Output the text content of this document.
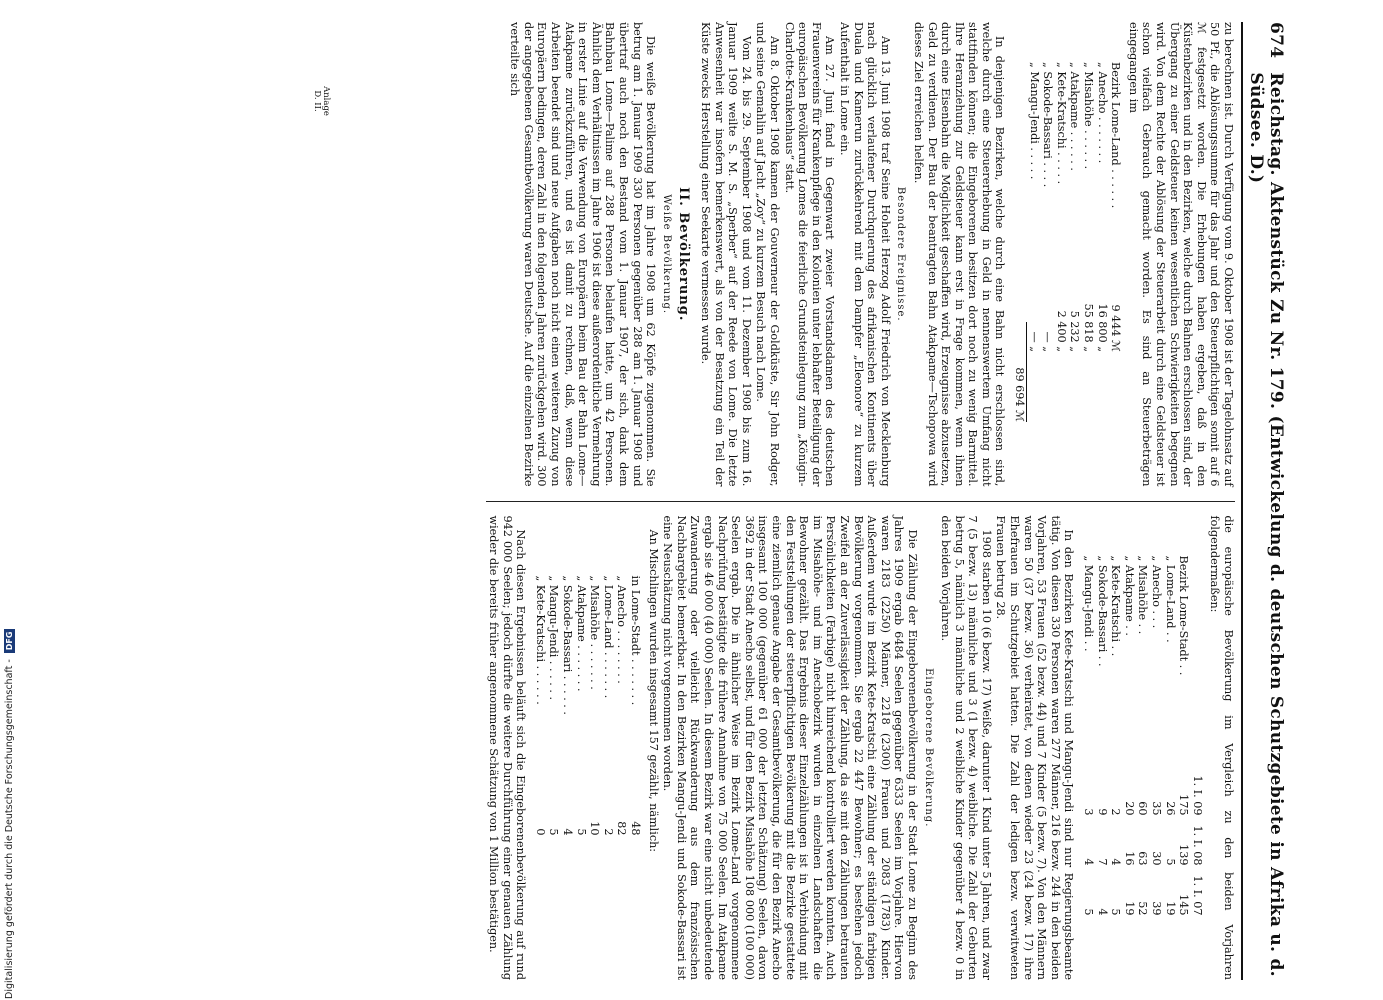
674
Reichstag. Aktenstück Zu Nr. 179. (Entwickelung d. deutschen Schutzgebiete in Afrika u. d. Südsee. D.)

zu berechnen ist. Durch Verfügung vom 9. Oktober 1908 ist der Tagelohnsatz auf 50 Pf., die Ablösungssumme für das Jahr und den Steuerpflichtigen somit auf 6 ℳ festgesetzt worden. Die Erhebungen haben ergeben, daß in den Küstenbezirken und in den Bezirken, welche durch Bahnen erschlossen sind, der Übergang zu einer Geldsteuer keinen wesentlichen Schwierigkeiten begegnen wird. Von dem Rechte der Ablösung der Steuerarbeit durch eine Geldsteuer ist schon vielfach Gebrauch gemacht worden. Es sind an Steuerbeträgen eingegangen im

Bezirk Lome-Land . . . . . .
9 444 ℳ
„ Anecho . . . . . . .
16 800 „
„ Misahöhe . . . . . .
55 818 „
„ Atakpame . . . . . .
5 232 „
„ Kete-Kratschi . . . . .
2 400 „
„ Sokode-Bassari . . . .
— „
„ Mangu-Jendi . . . . .
— „
89 694 ℳ

In denjenigen Bezirken, welche durch eine Bahn nicht erschlossen sind, welche durch eine Steuererhebung in Geld in nennenswertem Umfang nicht stattfinden können; die Eingeborenen besitzen dort noch zu wenig Barmittel. Ihre Heranziehung zur Geldsteuer kann erst in Frage kommen, wenn ihnen durch eine Eisenbahn die Möglichkeit geschaffen wird, Erzeugnisse abzusetzen, Geld zu verdienen. Der Bau der beantragten Bahn Atakpame—Tschopowa wird dieses Ziel erreichen helfen.

Besondere Ereignisse.

Am 13. Juni 1908 traf Seine Hoheit Herzog Adolf Friedrich von Mecklenburg nach glücklich verlaufener Durchquerung des afrikanischen Kontinents über Duala und Kamerun zurückkehrend mit dem Dampfer „Eleonore“ zu kurzem Aufenthalt in Lome ein.

Am 27. Juni fand in Gegenwart zweier Vorstandsdamen des deutschen Frauenvereins für Krankenpflege in den Kolonien unter lebhafter Beteiligung der europäischen Bevölkerung Lomes die feierliche Grundsteinlegung zum „Königin-Charlotte-Krankenhaus“ statt.

Am 8. Oktober 1908 kamen der Gouverneur der Goldküste, Sir John Rodger, und seine Gemahlin auf Jacht „Zoy“ zu kurzem Besuch nach Lome.

Vom 24. bis 29. September 1908 und vom 11. Dezember 1908 bis zum 16. Januar 1909 weilte S. M. S. „Sperber“ auf der Reede von Lome. Die letzte Anwesenheit war insofern bemerkenswert, als von der Besatzung ein Teil der Küste zwecks Herstellung einer Seekarte vermessen wurde.

II. Bevölkerung.
Weiße Bevölkerung.

Die weiße Bevölkerung hat im Jahre 1908 um 62 Köpfe zugenommen. Sie betrug am 1. Januar 1909 330 Personen gegenüber 288 am 1. Januar 1908 und übertraf auch noch den Bestand vom 1. Januar 1907, der sich, dank dem Bahnbau Lome—Palime auf 288 Personen belaufen hatte, um 42 Personen. Ähnlich dem Verhältnissen im Jahre 1906 ist diese außerordentliche Vermehrung in erster Linie auf die Verwendung von Europäern beim Bau der Bahn Lome—Atakpame zurückzuführen, und es ist damit zu rechnen, daß, wenn diese Arbeiten beendet sind und neue Aufgaben noch nicht einen weiteren Zuzug von Europäern bedingen, deren Zahl in den folgenden Jahren zurückgehen wird. 300 der angegebenen Gesamtbevölkerung waren Deutsche. Auf die einzelnen Bezirke verteilte sich

die europäische Bevölkerung im Vergleich zu den beiden Vorjahren folgendermaßen:

1. I. 09
1. I. 08
1. I. 07
Bezirk Lome-Stadt . .
175
139
145
„ Lome-Land . .
26
5
19
„ Anecho . . .
35
30
39
„ Misahöhe . .
60
63
52
„ Atakpame . .
20
16
19
„ Kete-Kratschi . .
2
4
5
„ Sokode-Bassari . .
9
7
4
„ Mangu-Jendi . .
3
4
5

In den Bezirken Kete-Kratschi und Mangu-Jendi sind nur Regierungsbeamte tätig. Von diesen 330 Personen waren 277 Männer, 216 bezw. 244 in den beiden Vorjahren, 53 Frauen (52 bezw. 44) und 7 Kinder (5 bezw. 7). Von den Männern waren 50 (37 bezw. 36) verheiratet, von denen wieder 23 (24 bezw. 17) ihre Ehefrauen im Schutzgebiet hatten. Die Zahl der ledigen bezw. verwitweten Frauen betrug 28.

1908 starben 10 (6 bezw. 17) Weiße, darunter 1 Kind unter 5 Jahren, und zwar 7 (5 bezw. 13) männliche und 3 (1 bezw. 4) weibliche. Die Zahl der Geburten betrug 5, nämlich 3 männliche und 2 weibliche Kinder gegenüber 4 bezw. 0 in den beiden Vorjahren.

Eingeborene Bevölkerung.

Die Zählung der Eingeborenenbevölkerung in der Stadt Lome zu Beginn des Jahres 1909 ergab 6484 Seelen gegenüber 6333 Seelen im Vorjahre. Hiervon waren 2183 (2250) Männer, 2218 (2300) Frauen und 2083 (1783) Kinder. Außerdem wurde im Bezirk Kete-Kratschi eine Zählung der ständigen farbigen Bevölkerung vorgenommen. Sie ergab 22 447 Bewohner; es bestehen jedoch Zweifel an der Zuverlässigkeit der Zählung, da sie mit den Zählungen betrauten Persönlichkeiten (Farbige) nicht hinreichend kontrolliert werden konnten. Auch im Misahöhe- und im Anechobezirk wurden in einzelnen Landschaften die Bewohner gezählt. Das Ergebnis dieser Einzelzählungen ist in Verbindung mit den Feststellungen der steuerpflichtigen Bevölkerung mit die Bezirke gestattete eine ziemlich genaue Angabe der Gesamtbevölkerung, die für den Bezirk Anecho insgesamt 100 000 (gegenüber 61 000 der letzten Schätzung) Seelen, davon 3692 in der Stadt Anecho selbst, und für den Bezirk Misahöhe 108 000 (100 000) Seelen ergab. Die in ähnlicher Weise im Bezirk Lome-Land vorgenommene Nachprüfung bestätigte die frühere Annahme von 75 000 Seelen. Im Atakpame ergab sie 46 000 (40 000) Seelen. In diesem Bezirk war eine nicht unbedeutende Zuwanderung oder vielleicht Rückwanderung aus dem französischen Nachbargebiet bemerkbar. In den Bezirken Mangu-Jendi und Sokode-Bassari ist eine Neuschätzung nicht vorgenommen worden.

An Mischlingen wurden insgesamt 157 gezählt, nämlich:

in Lome-Stadt . . . . . . .
48
„ Anecho . . . . . . . .
82
„ Lome-Land . . . . . . .
2
„ Misahöhe . . . . . . .
10
„ Atakpame . . . . . . .
5
„ Sokode-Bassari . . . . . .
4
„ Mangu-Jendi . . . . . .
5
„ Kete-Kratschi . . . . . .
0

Nach diesen Ergebnissen beläuft sich die Eingeborenenbevölkerung auf rund 942 000 Seelen; jedoch dürfte die weitere Durchführung einer genauen Zählung wieder die bereits früher angenommene Schätzung von 1 Million bestätigen.

Anlage D. II.
Digitalisierung gefördert durch die Deutsche Forschungsgemeinschaft -
DFG
